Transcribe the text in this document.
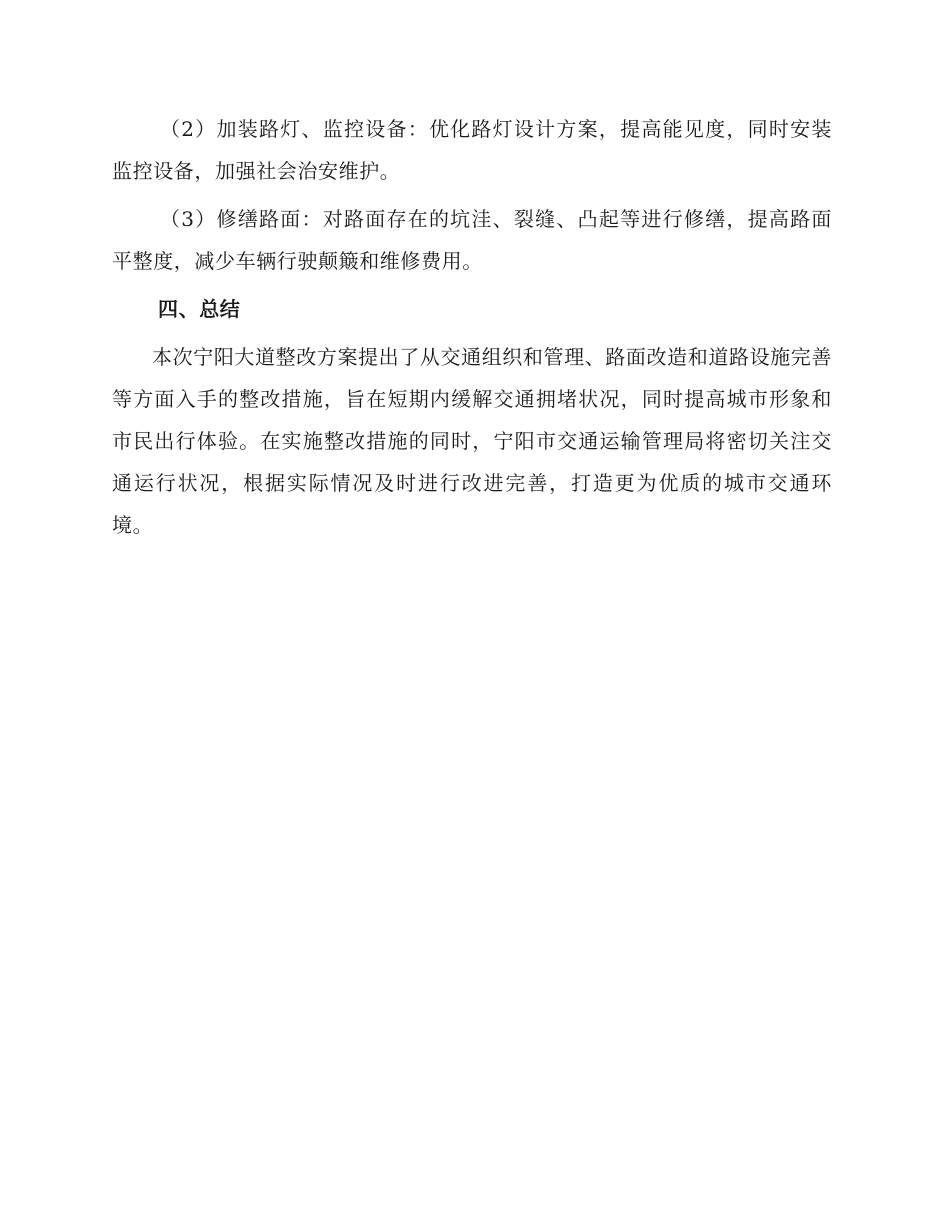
（2）加装路灯、监控设备：优化路灯设计方案，提高能见度，同时安装监控设备，加强社会治安维护。

（3）修缮路面：对路面存在的坑洼、裂缝、凸起等进行修缮，提高路面平整度，减少车辆行驶颠簸和维修费用。

四、总结

本次宁阳大道整改方案提出了从交通组织和管理、路面改造和道路设施完善等方面入手的整改措施，旨在短期内缓解交通拥堵状况，同时提高城市形象和市民出行体验。在实施整改措施的同时，宁阳市交通运输管理局将密切关注交通运行状况，根据实际情况及时进行改进完善，打造更为优质的城市交通环境。
